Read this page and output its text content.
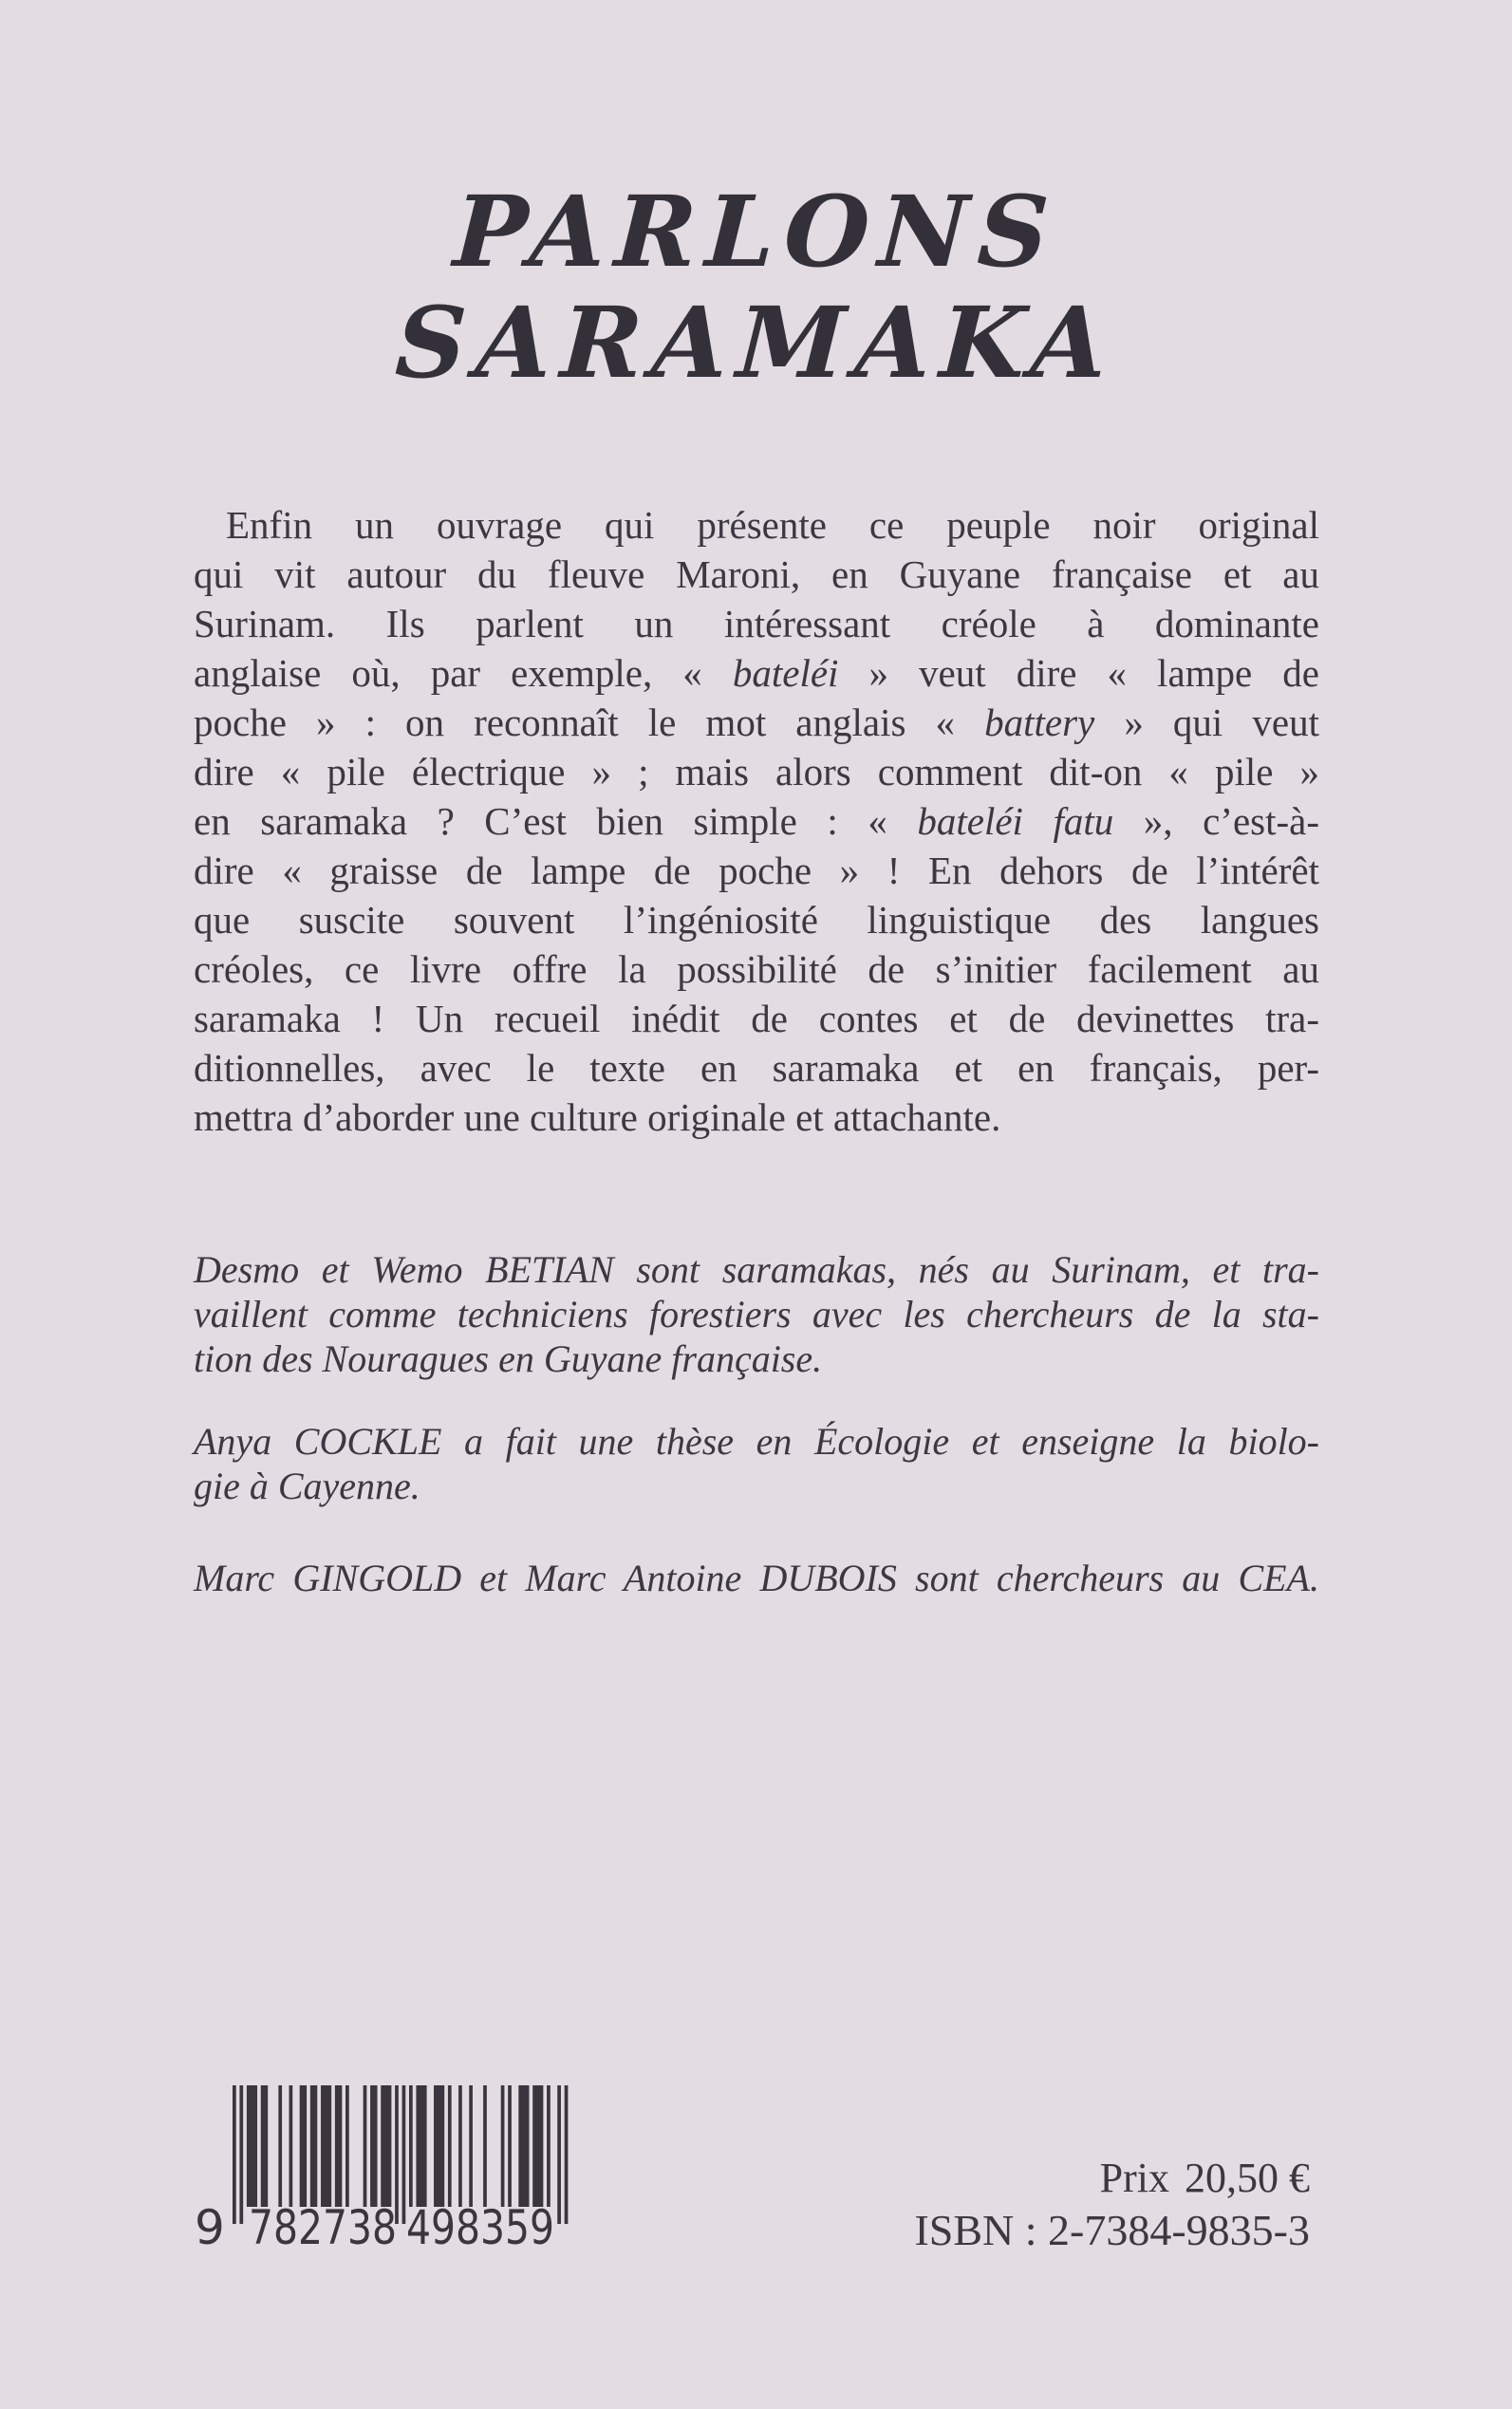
PARLONS
SARAMAKA
Enfin un ouvrage qui présente ce peuple noir original
qui vit autour du fleuve Maroni, en Guyane française et au
Surinam. Ils parlent un intéressant créole à dominante
anglaise où, par exemple, « bateléi » veut dire « lampe de
poche » : on reconnaît le mot anglais « battery » qui veut
dire « pile électrique » ; mais alors comment dit-on « pile »
en saramaka ? C’est bien simple : « bateléi fatu », c’est-à-
dire « graisse de lampe de poche » ! En dehors de l’intérêt
que suscite souvent l’ingéniosité linguistique des langues
créoles, ce livre offre la possibilité de s’initier facilement au
saramaka ! Un recueil inédit de contes et de devinettes tra-
ditionnelles, avec le texte en saramaka et en français, per-
mettra d’aborder une culture originale et attachante.
Desmo et Wemo BETIAN sont saramakas, nés au Surinam, et tra-
vaillent comme techniciens forestiers avec les chercheurs de la sta-
tion des Nouragues en Guyane française.
Anya COCKLE a fait une thèse en Écologie et enseigne la biolo-
gie à Cayenne.
Marc GINGOLD et Marc Antoine DUBOIS sont chercheurs au CEA.
9 782738 498359
Prix 20,50 €
ISBN : 2-7384-9835-3
